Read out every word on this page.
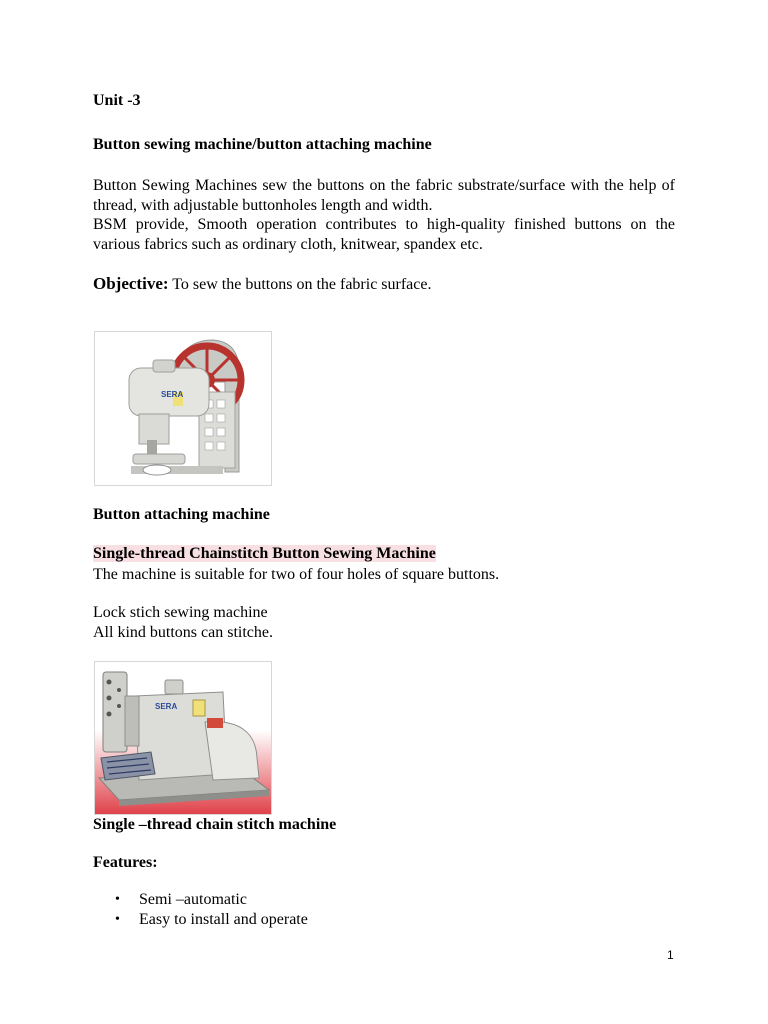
Unit -3
Button sewing machine/button attaching machine
Button Sewing Machines sew the buttons on the fabric substrate/surface with the help of thread, with adjustable buttonholes length and width.
BSM provide, Smooth operation contributes to high-quality finished buttons on the various fabrics such as ordinary cloth, knitwear, spandex etc.
Objective: To sew the buttons on the fabric surface.
SERA
Button attaching machine
Single-thread Chainstitch Button Sewing Machine
The machine is suitable for two of four holes of square buttons.
Lock stich sewing machine
All kind buttons can stitche.
SERA
Single –thread chain stitch machine
Features:
• Semi –automatic
• Easy to install and operate
1
